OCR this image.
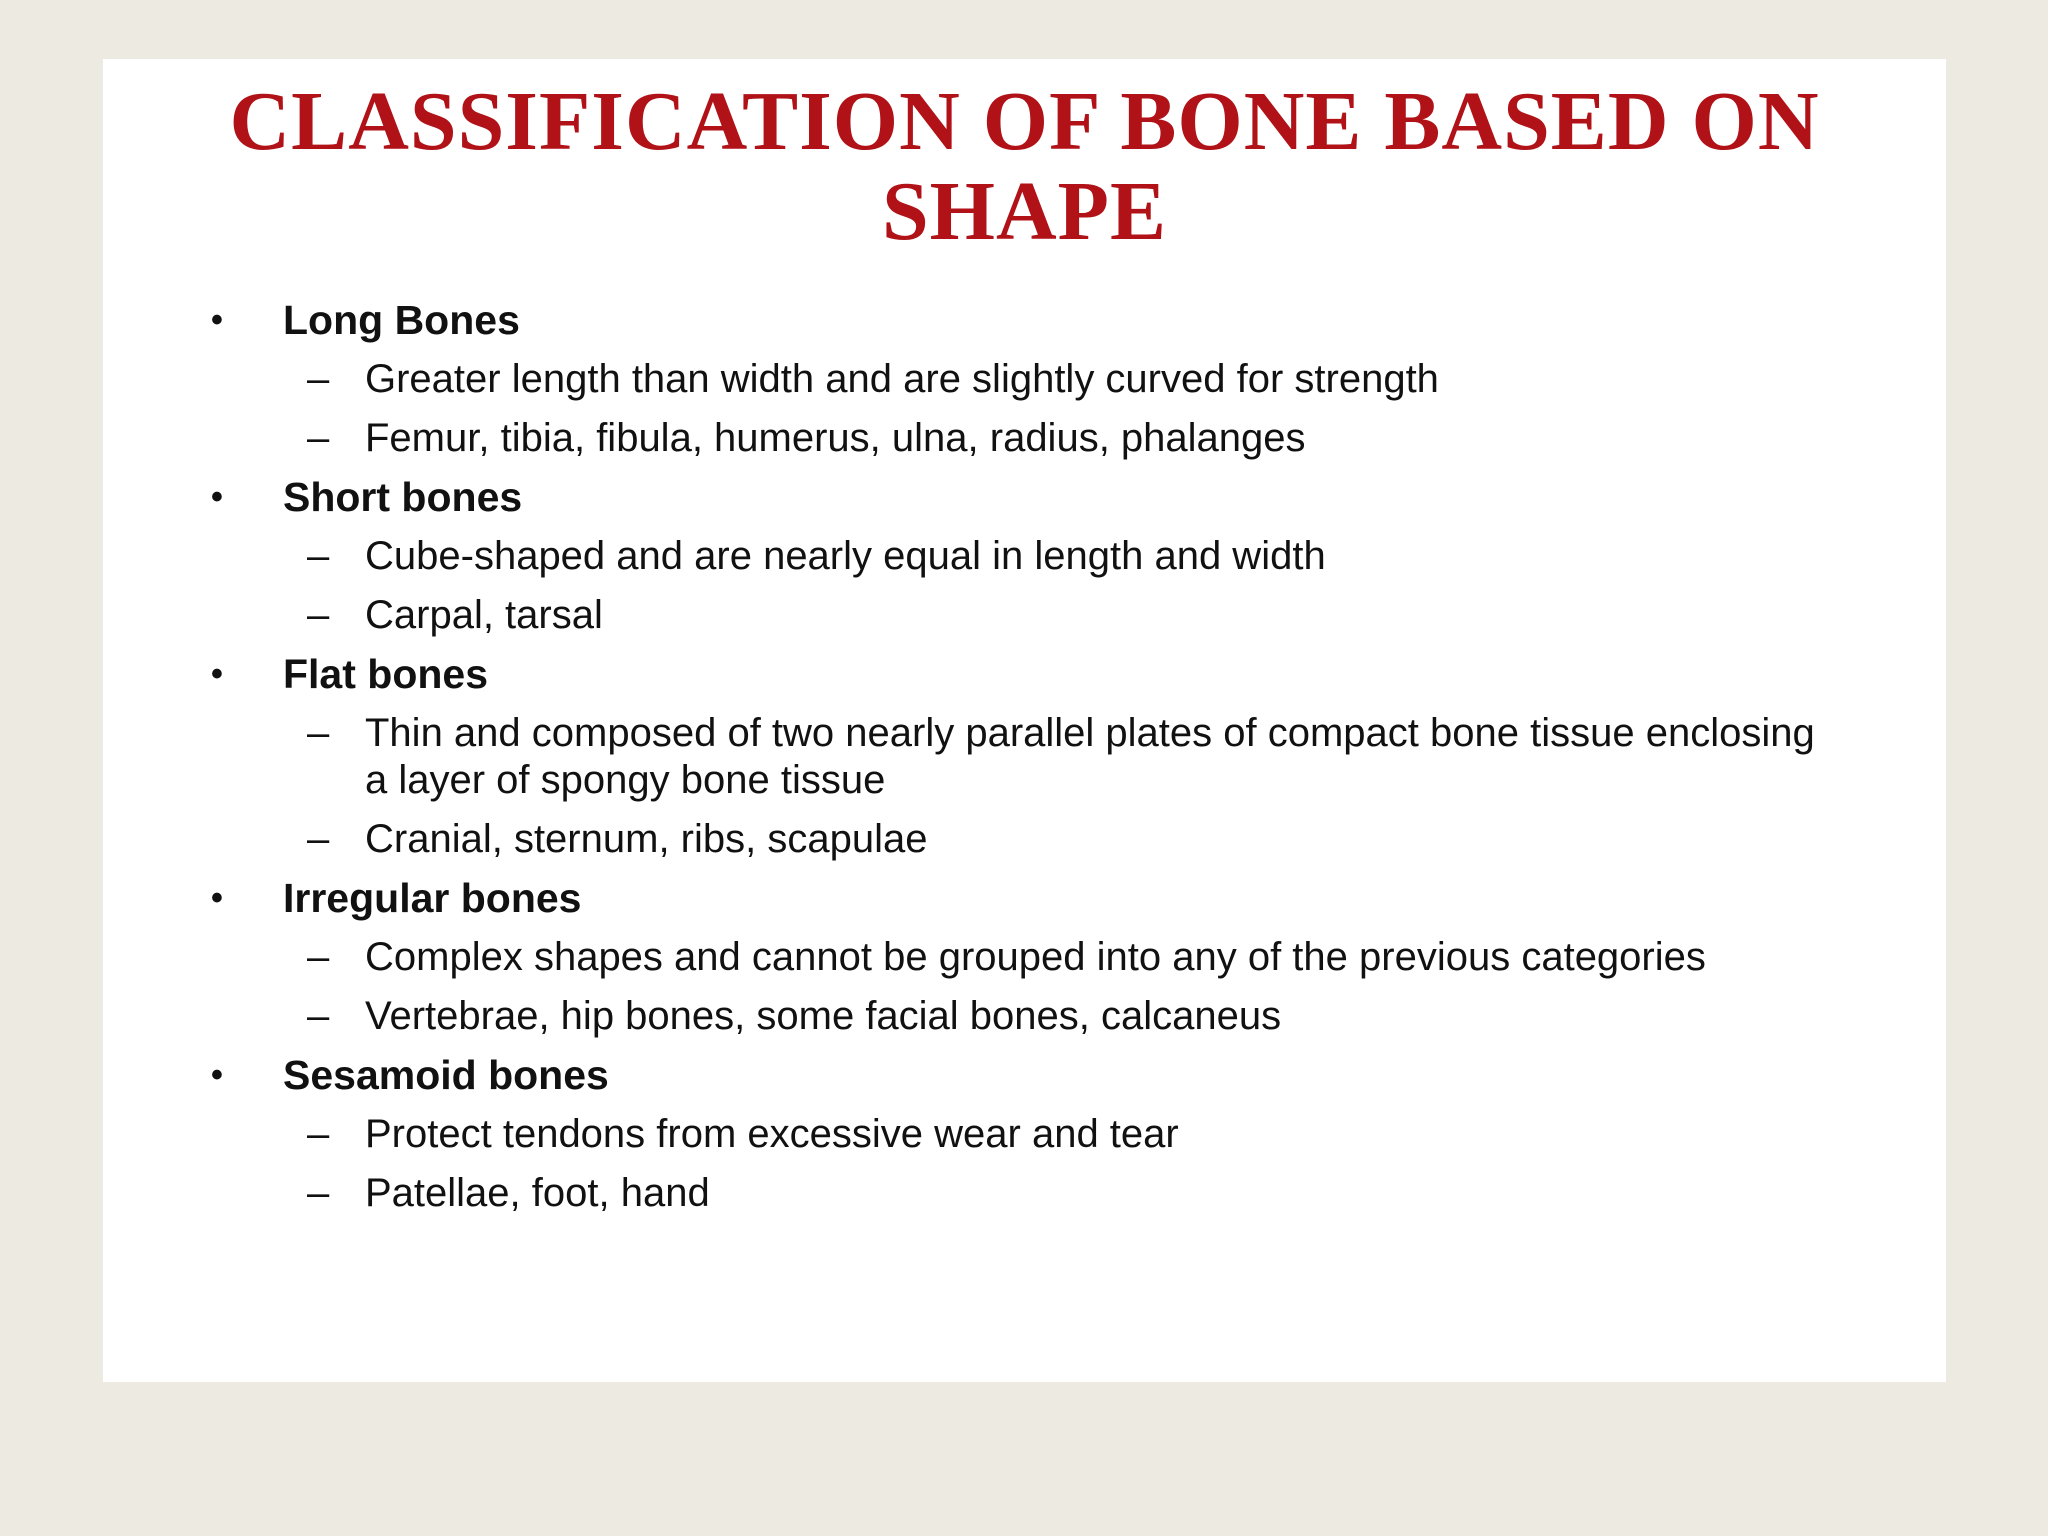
CLASSIFICATION OF BONE BASED ON
SHAPE
• Long Bones
– Greater length than width and are slightly curved for strength
– Femur, tibia, fibula, humerus, ulna, radius, phalanges
• Short bones
– Cube-shaped and are nearly equal in length and width
– Carpal, tarsal
• Flat bones
– Thin and composed of two nearly parallel plates of compact bone tissue enclosing a layer of spongy bone tissue
– Cranial, sternum, ribs, scapulae
• Irregular bones
– Complex shapes and cannot be grouped into any of the previous categories
– Vertebrae, hip bones, some facial bones, calcaneus
• Sesamoid bones
– Protect tendons from excessive wear and tear
– Patellae, foot, hand
